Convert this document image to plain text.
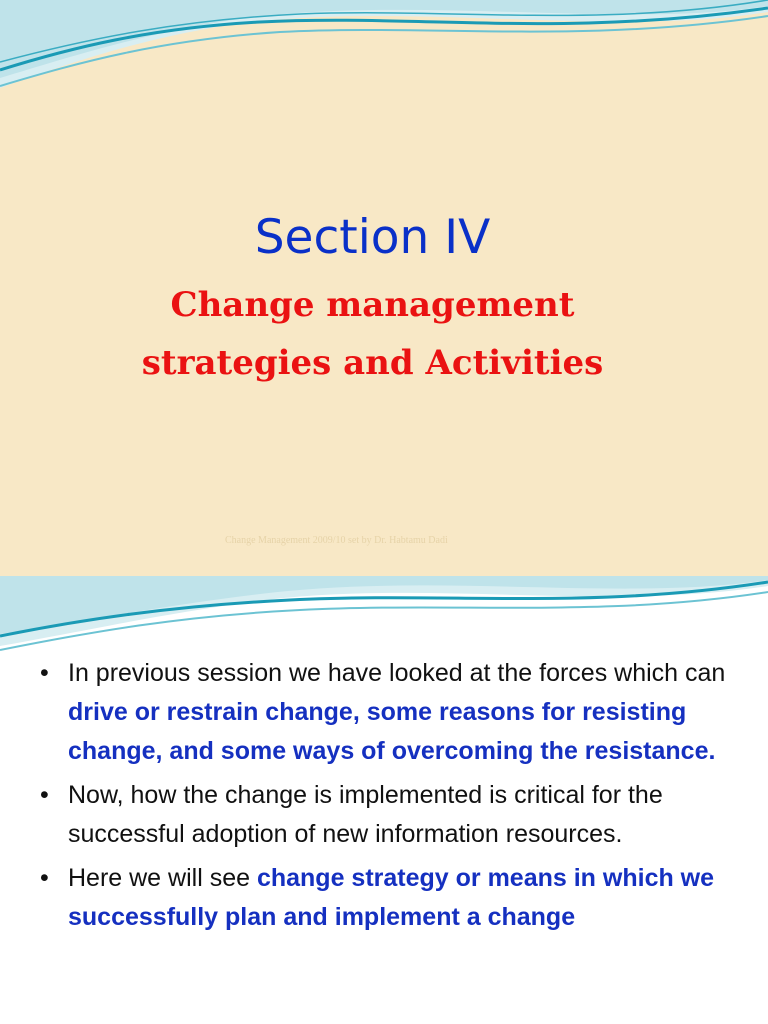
Section IV
Change management
strategies and Activities
Change Management 2009/10 set by Dr. Habtamu Dadi
• In previous session we have looked at the forces which can drive or restrain change, some reasons for resisting change, and some ways of overcoming the resistance.
• Now, how the change is implemented is critical for the successful adoption of new information resources.
• Here we will see change strategy or means in which we successfully plan and implement a change
